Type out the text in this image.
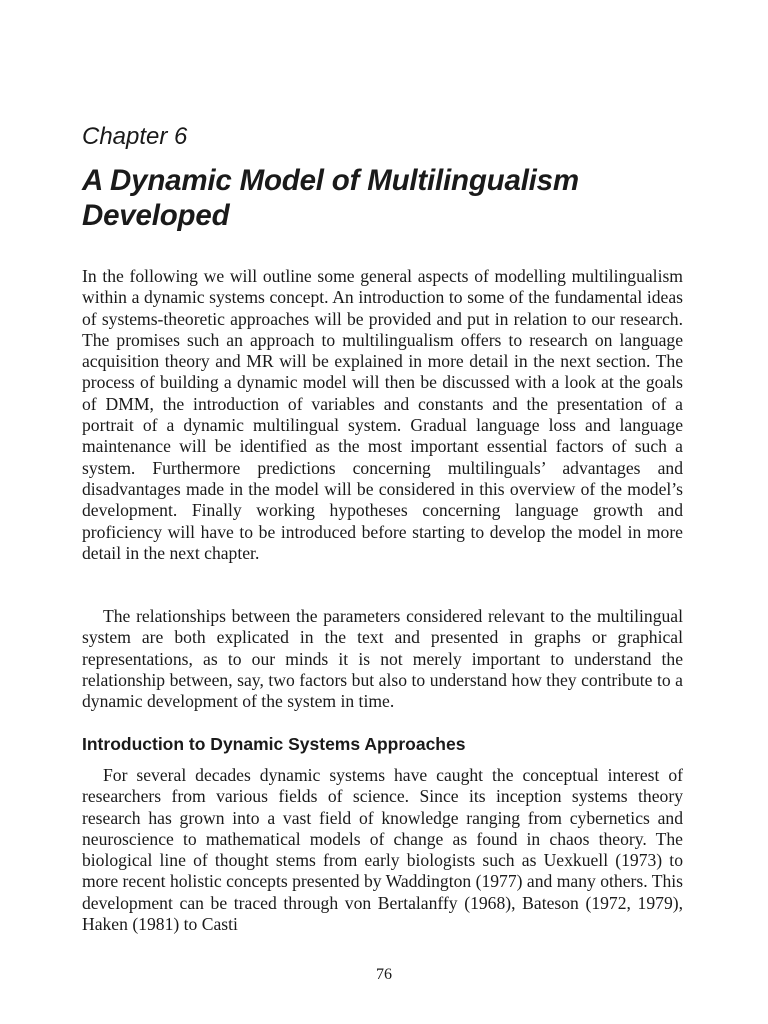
Chapter 6
A Dynamic Model of Multilingualism Developed

In the following we will outline some general aspects of modelling multilingualism within a dynamic systems concept. An introduction to some of the fundamental ideas of systems-theoretic approaches will be provided and put in relation to our research. The promises such an approach to multilingualism offers to research on language acquisition theory and MR will be explained in more detail in the next section. The process of building a dynamic model will then be discussed with a look at the goals of DMM, the introduction of variables and constants and the presentation of a portrait of a dynamic multilingual system. Gradual language loss and language maintenance will be identified as the most important essential factors of such a system. Furthermore predictions concerning multilinguals’ advantages and disadvantages made in the model will be considered in this overview of the model’s development. Finally working hypotheses concerning language growth and proficiency will have to be introduced before starting to develop the model in more detail in the next chapter.

The relationships between the parameters considered relevant to the multilingual system are both explicated in the text and presented in graphs or graphical representations, as to our minds it is not merely important to understand the relationship between, say, two factors but also to understand how they contribute to a dynamic development of the system in time.

Introduction to Dynamic Systems Approaches

For several decades dynamic systems have caught the conceptual interest of researchers from various fields of science. Since its inception systems theory research has grown into a vast field of knowledge ranging from cybernetics and neuroscience to mathematical models of change as found in chaos theory. The biological line of thought stems from early biologists such as Uexkuell (1973) to more recent holistic concepts presented by Waddington (1977) and many others. This development can be traced through von Bertalanffy (1968), Bateson (1972, 1979), Haken (1981) to Casti

76
